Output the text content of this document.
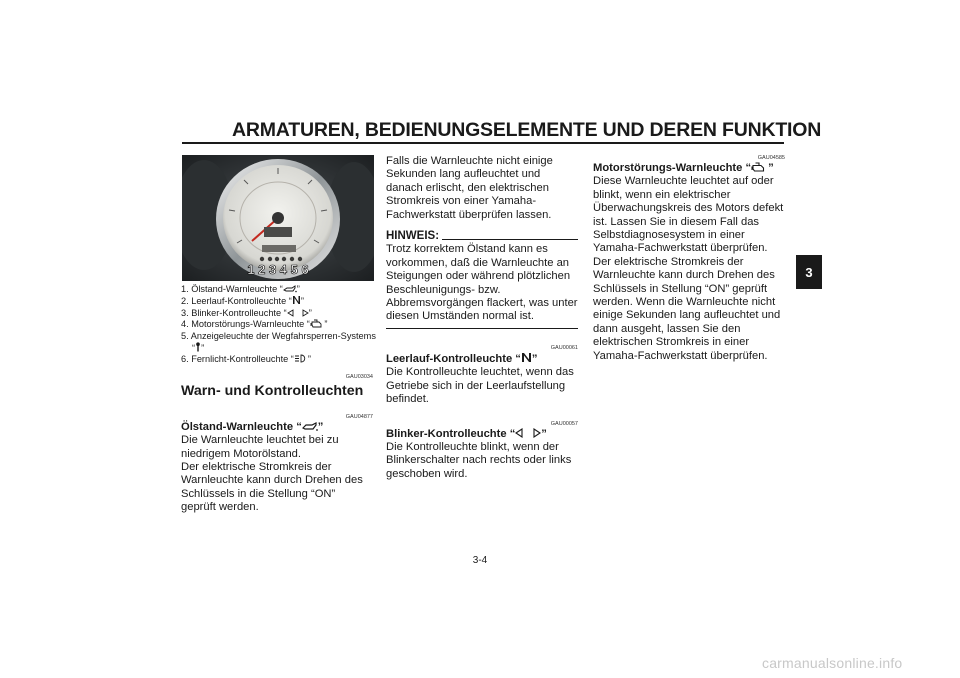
ARMATUREN, BEDIENUNGSELEMENTE UND DEREN FUNKTION
3
1 2 3 4 5 6
1. Ölstand-Warnleuchte “ ”
2. Leerlauf-Kontrolleuchte “ ”
3. Blinker-Kontrolleuchte “ ”
4. Motorstörungs-Warnleuchte “ ”
5. Anzeigeleuchte der Wegfahrsperren-Systems
“ ”
6. Fernlicht-Kontrolleuchte “ ”
GAU03034
Warn- und Kontrolleuchten
GAU04877
Ölstand-Warnleuchte “ ”

Die Warnleuchte leuchtet bei zu niedrigem Motorölstand.

Der elektrische Stromkreis der Warnleuchte kann durch Drehen des Schlüssels in die Stellung “ON” geprüft werden.

Falls die Warnleuchte nicht einige Sekunden lang aufleuchtet und danach erlischt, den elektrischen Stromkreis von einer Yamaha-Fachwerkstatt überprüfen lassen.

HINWEIS:

Trotz korrektem Ölstand kann es vorkommen, daß die Warnleuchte an Steigungen oder während plötzlichen Beschleunigungs- bzw. Abbremsvorgängen flackert, was unter diesen Umständen normal ist.

GAU00061
Leerlauf-Kontrolleuchte “ ”

Die Kontrolleuchte leuchtet, wenn das Getriebe sich in der Leerlaufstellung befindet.

GAU00057
Blinker-Kontrolleuchte “ ”

Die Kontrolleuchte blinkt, wenn der Blinkerschalter nach rechts oder links geschoben wird.

GAU04585
Motorstörungs-Warnleuchte “ ”

Diese Warnleuchte leuchtet auf oder blinkt, wenn ein elektrischer Überwachungskreis des Motors defekt ist. Lassen Sie in diesem Fall das Selbstdiagnosesystem in einer Yamaha-Fachwerkstatt überprüfen.

Der elektrische Stromkreis der Warnleuchte kann durch Drehen des Schlüssels in Stellung “ON” geprüft werden. Wenn die Warnleuchte nicht einige Sekunden lang aufleuchtet und dann ausgeht, lassen Sie den elektrischen Stromkreis in einer Yamaha-Fachwerkstatt überprüfen.

3-4
carmanualsonline.info
